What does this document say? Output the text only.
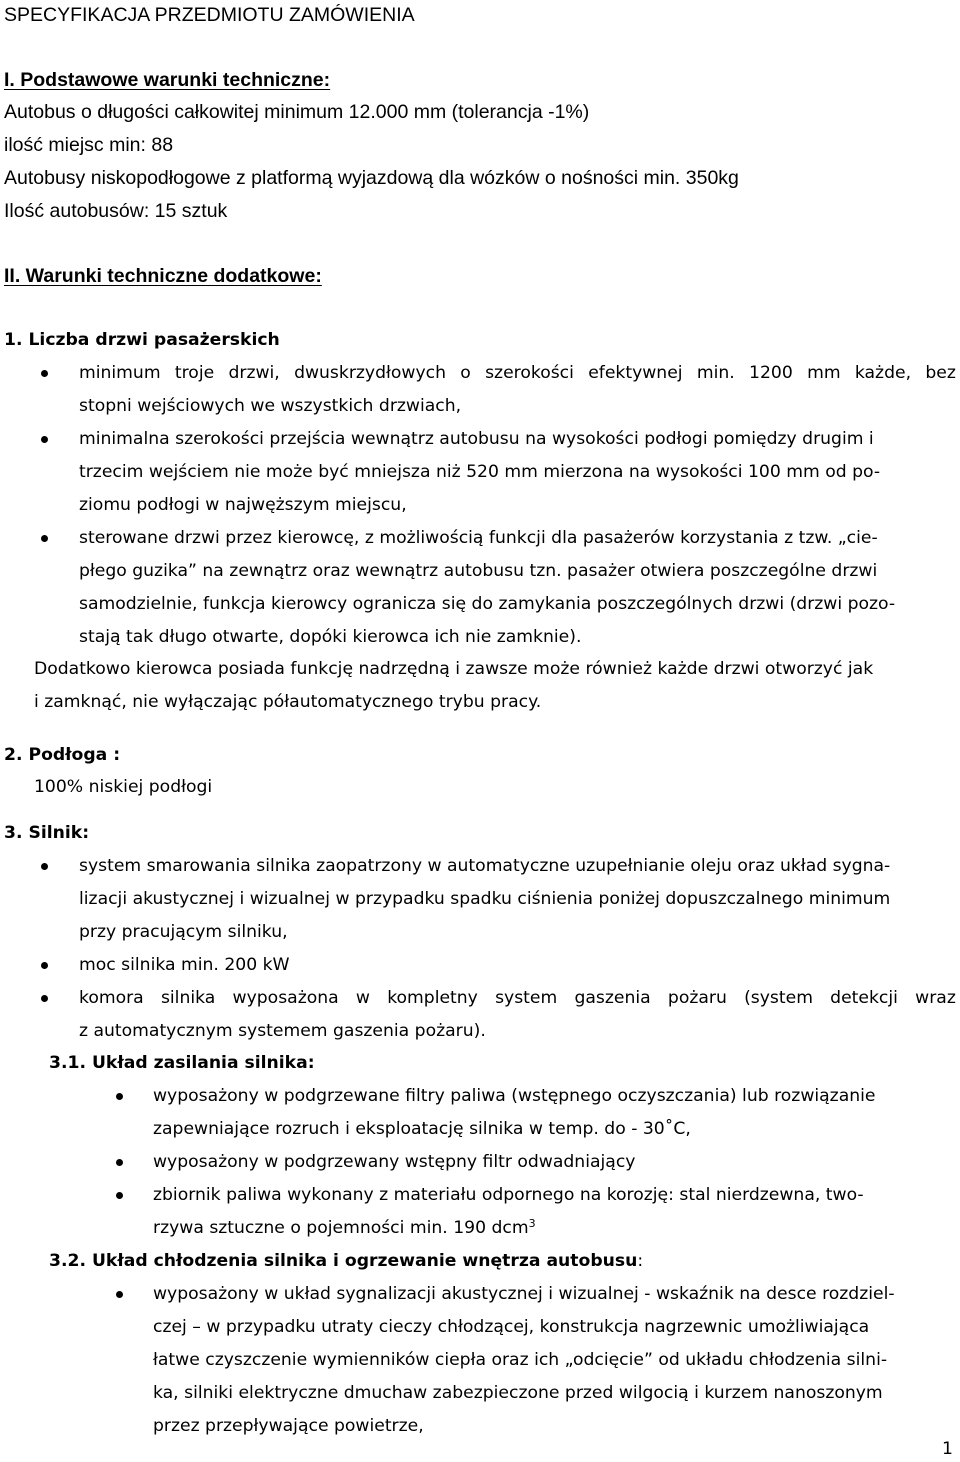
SPECYFIKACJA PRZEDMIOTU ZAMÓWIENIA
I. Podstawowe warunki techniczne:
Autobus o długości całkowitej minimum 12.000 mm (tolerancja -1%)
ilość miejsc min: 88
Autobusy niskopodłogowe z platformą wyjazdową dla wózków o nośności min. 350kg
Ilość autobusów: 15 sztuk
II. Warunki techniczne dodatkowe:
1. Liczba drzwi pasażerskich
minimum troje drzwi, dwuskrzydłowych o szerokości efektywnej min. 1200 mm każde, bez
stopni wejściowych we wszystkich drzwiach,
minimalna szerokości przejścia wewnątrz autobusu na wysokości podłogi pomiędzy drugim i
trzecim wejściem nie może być mniejsza niż 520 mm mierzona na wysokości 100 mm od po-
ziomu podłogi w najwęższym miejscu,
sterowane drzwi przez kierowcę, z możliwością funkcji dla pasażerów korzystania z tzw. „cie-
płego guzika” na zewnątrz oraz wewnątrz autobusu tzn. pasażer otwiera poszczególne drzwi
samodzielnie, funkcja kierowcy ogranicza się do zamykania poszczególnych drzwi (drzwi pozo-
stają tak długo otwarte, dopóki kierowca ich nie zamknie).
Dodatkowo kierowca posiada funkcję nadrzędną i zawsze może również każde drzwi otworzyć jak
i zamknąć, nie wyłączając półautomatycznego trybu pracy.
2. Podłoga :
100% niskiej podłogi
3. Silnik:
system smarowania silnika zaopatrzony w automatyczne uzupełnianie oleju oraz układ sygna-
lizacji akustycznej i wizualnej w przypadku spadku ciśnienia poniżej dopuszczalnego minimum
przy pracującym silniku,
moc silnika min. 200 kW
komora silnika wyposażona w kompletny system gaszenia pożaru (system detekcji wraz
z automatycznym systemem gaszenia pożaru).
3.1. Układ zasilania silnika:
wyposażony w podgrzewane filtry paliwa (wstępnego oczyszczania) lub rozwiązanie
zapewniające rozruch i eksploatację silnika w temp. do - 30˚C,
wyposażony w podgrzewany wstępny filtr odwadniający
zbiornik paliwa wykonany z materiału odpornego na korozję: stal nierdzewna, two-
rzywa sztuczne o pojemności min. 190 dcm$^3$
3.2. Układ chłodzenia silnika i ogrzewanie wnętrza autobusu:
wyposażony w układ sygnalizacji akustycznej i wizualnej - wskaźnik na desce rozdziel-
czej – w przypadku utraty cieczy chłodzącej, konstrukcja nagrzewnic umożliwiająca
łatwe czyszczenie wymienników ciepła oraz ich „odcięcie” od układu chłodzenia silni-
ka, silniki elektryczne dmuchaw zabezpieczone przed wilgocią i kurzem nanoszonym
przez przepływające powietrze,
1
